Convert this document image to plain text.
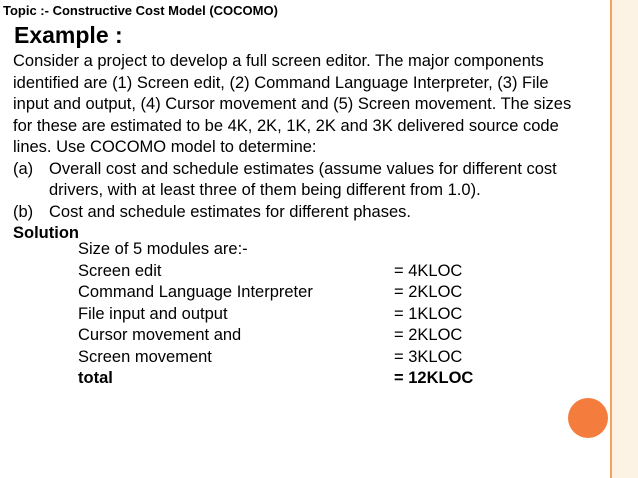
Topic :- Constructive Cost Model (COCOMO)
Example :
Consider a project to develop a full screen editor. The major components
identified are (1) Screen edit, (2) Command Language Interpreter, (3) File
input and output, (4) Cursor movement and (5) Screen movement. The sizes
for these are estimated to be 4K, 2K, 1K, 2K and 3K delivered source code
lines. Use COCOMO model to determine:
(a) Overall cost and schedule estimates (assume values for different cost
drivers, with at least three of them being different from 1.0).
(b) Cost and schedule estimates for different phases.
Solution
Size of 5 modules are:-
Screen edit	= 4KLOC
Command Language Interpreter	= 2KLOC
File input and output	= 1KLOC
Cursor movement and	= 2KLOC
Screen movement	= 3KLOC
total	= 12KLOC
